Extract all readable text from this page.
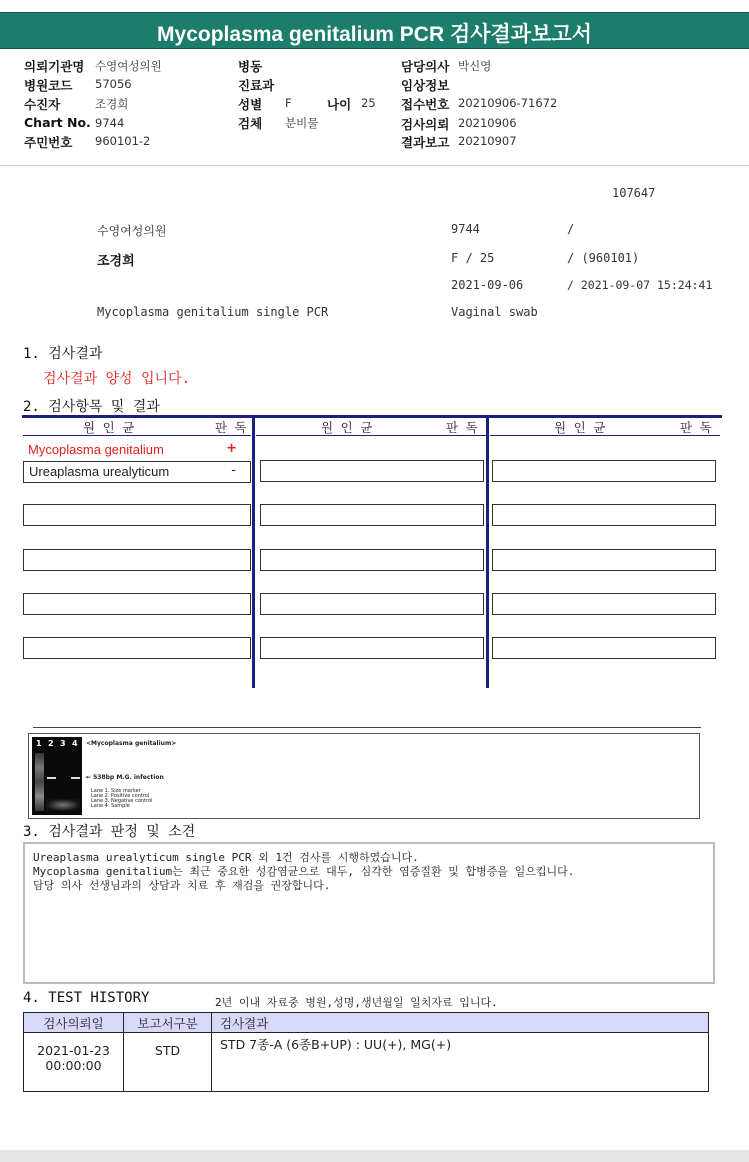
Mycoplasma genitalium PCR 검사결과보고서
의뢰기관명 수영여성의원
병원코드 57056
수진자	조경희
Chart No. 9744
주민번호 960101-2
병동
진료과
성별 F	나이 25
검체 분비물
담당의사 박신영
임상정보
접수번호 20210906-71672
검사의뢰 20210906
결과보고 20210907
107647
수영여성의원	9744	/
조경희	F / 25	/ (960101)
2021-09-06	/ 2021-09-07 15:24:41
Mycoplasma genitalium single PCR	Vaginal swab
1. 검사결과
검사결과 양성 입니다.
2. 검사항목 및 결과
원 인 균	판 독	원 인 균	판 독	원 인 균	판 독
Mycoplasma genitalium	+
Ureaplasma urealyticum	-
1 2 3 4 <Mycoplasma genitalium>
← 538bp M.G. infection
Lane 1. Size marker
Lane 2. Positive control
Lane 3. Negative control
Lane 4. Sample
3. 검사결과 판정 및 소견
Ureaplasma urealyticum single PCR 외 1건 검사를 시행하였습니다.
Mycoplasma genitalium는 최근 중요한 성감염균으로 대두, 심각한 염증질환 및 합병증을 일으킵니다.
담당 의사 선생님과의 상담과 치료 후 재검을 권장합니다.
4. TEST HISTORY	2년 이내 자료중 병원,성명,생년월일 일치자료 입니다.
검사의뢰일	보고서구분	검사결과

2021-01-23
00:00:00	STD	STD 7종-A (6종B+UP) : UU(+), MG(+)
